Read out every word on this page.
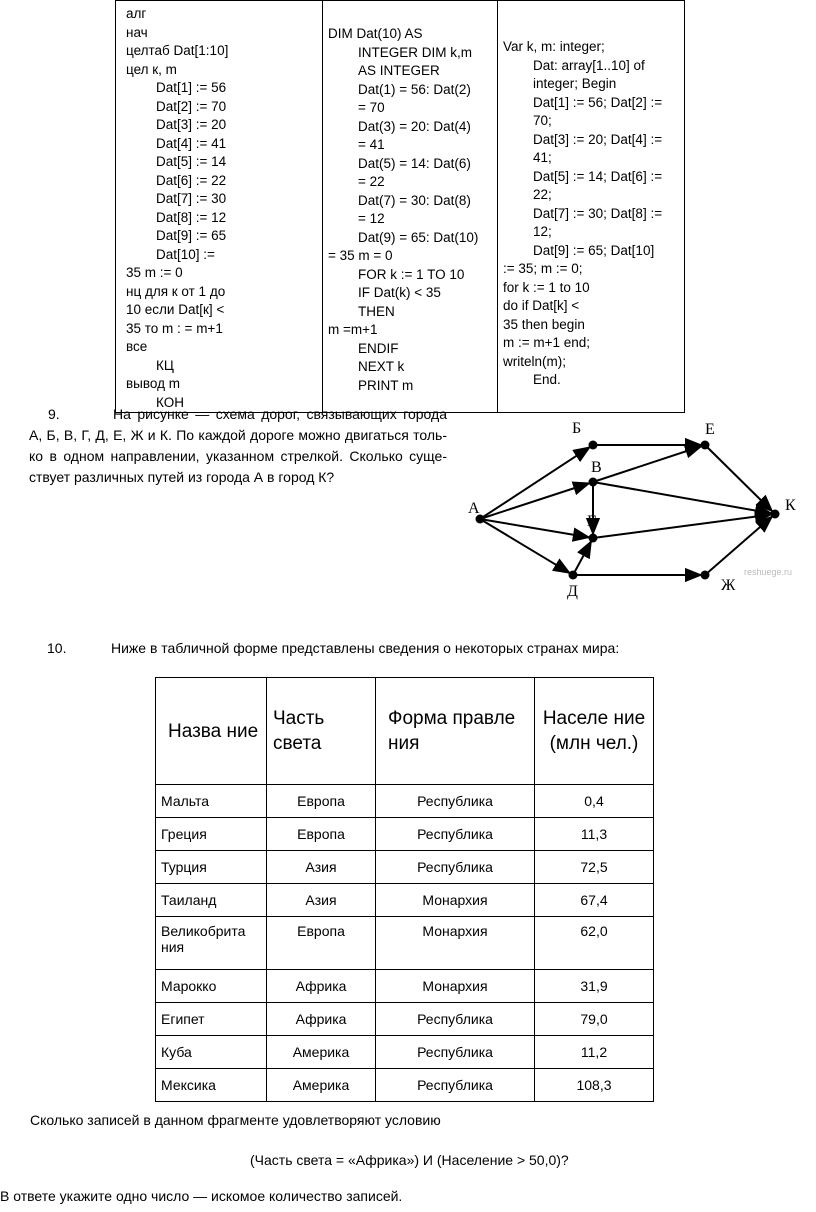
алг
нач
целтаб Dat[1:10]
цел к, m
Dat[1] := 56
Dat[2] := 70
Dat[3] := 20
Dat[4] := 41
Dat[5] := 14
Dat[6] := 22
Dat[7] := 30
Dat[8] := 12
Dat[9] := 65
Dat[10] :=
35 m := 0
нц для к от 1 до
10 если Dat[к] <
35 то m : = m+1
все
КЦ
вывод m
КОН

DIM Dat(10) AS
INTEGER DIM k,m
AS INTEGER
Dat(1) = 56: Dat(2)
= 70
Dat(3) = 20: Dat(4)
= 41
Dat(5) = 14: Dat(6)
= 22
Dat(7) = 30: Dat(8)
= 12
Dat(9) = 65: Dat(10)
= 35 m = 0
FOR k := 1 TO 10
IF Dat(k) < 35
THEN
m =m+1
ENDIF
NEXT k
PRINT m

Var k, m: integer;
Dat: array[1..10] of
integer; Begin
Dat[1] := 56; Dat[2] :=
70;
Dat[3] := 20; Dat[4] :=
41;
Dat[5] := 14; Dat[6] :=
22;
Dat[7] := 30; Dat[8] :=
12;
Dat[9] := 65; Dat[10]
:= 35; m := 0;
for k := 1 to 10
do if Dat[k] <
35 then begin
m := m+1 end;
writeln(m);
End.
9.	На рисунке — схема дорог, связывающих города А, Б, В, Г, Д, Е, Ж и К. По каждой дороге можно двигаться только в одном направлении, указанном стрелкой. Сколько существует различных путей из города А в город К?
А
Б
В
Г
Д
Е
Ж
К
reshuege.ru
10.	Ниже в табличной форме представлены сведения о некоторых странах мира:
Назва ние	Часть света	Форма правле ния	Населе ние (млн чел.)
Мальта	Европа	Республика	0,4
Греция	Европа	Республика	11,3
Турция	Азия	Республика	72,5
Таиланд	Азия	Монархия	67,4
Великобрита ния	Европа	Монархия	62,0
Марокко	Африка	Монархия	31,9
Египет	Африка	Республика	79,0
Куба	Америка	Республика	11,2
Мексика	Америка	Республика	108,3
Сколько записей в данном фрагменте удовлетворяют условию
(Часть света = «Африка») И (Население > 50,0)?
В ответе укажите одно число — искомое количество записей.
